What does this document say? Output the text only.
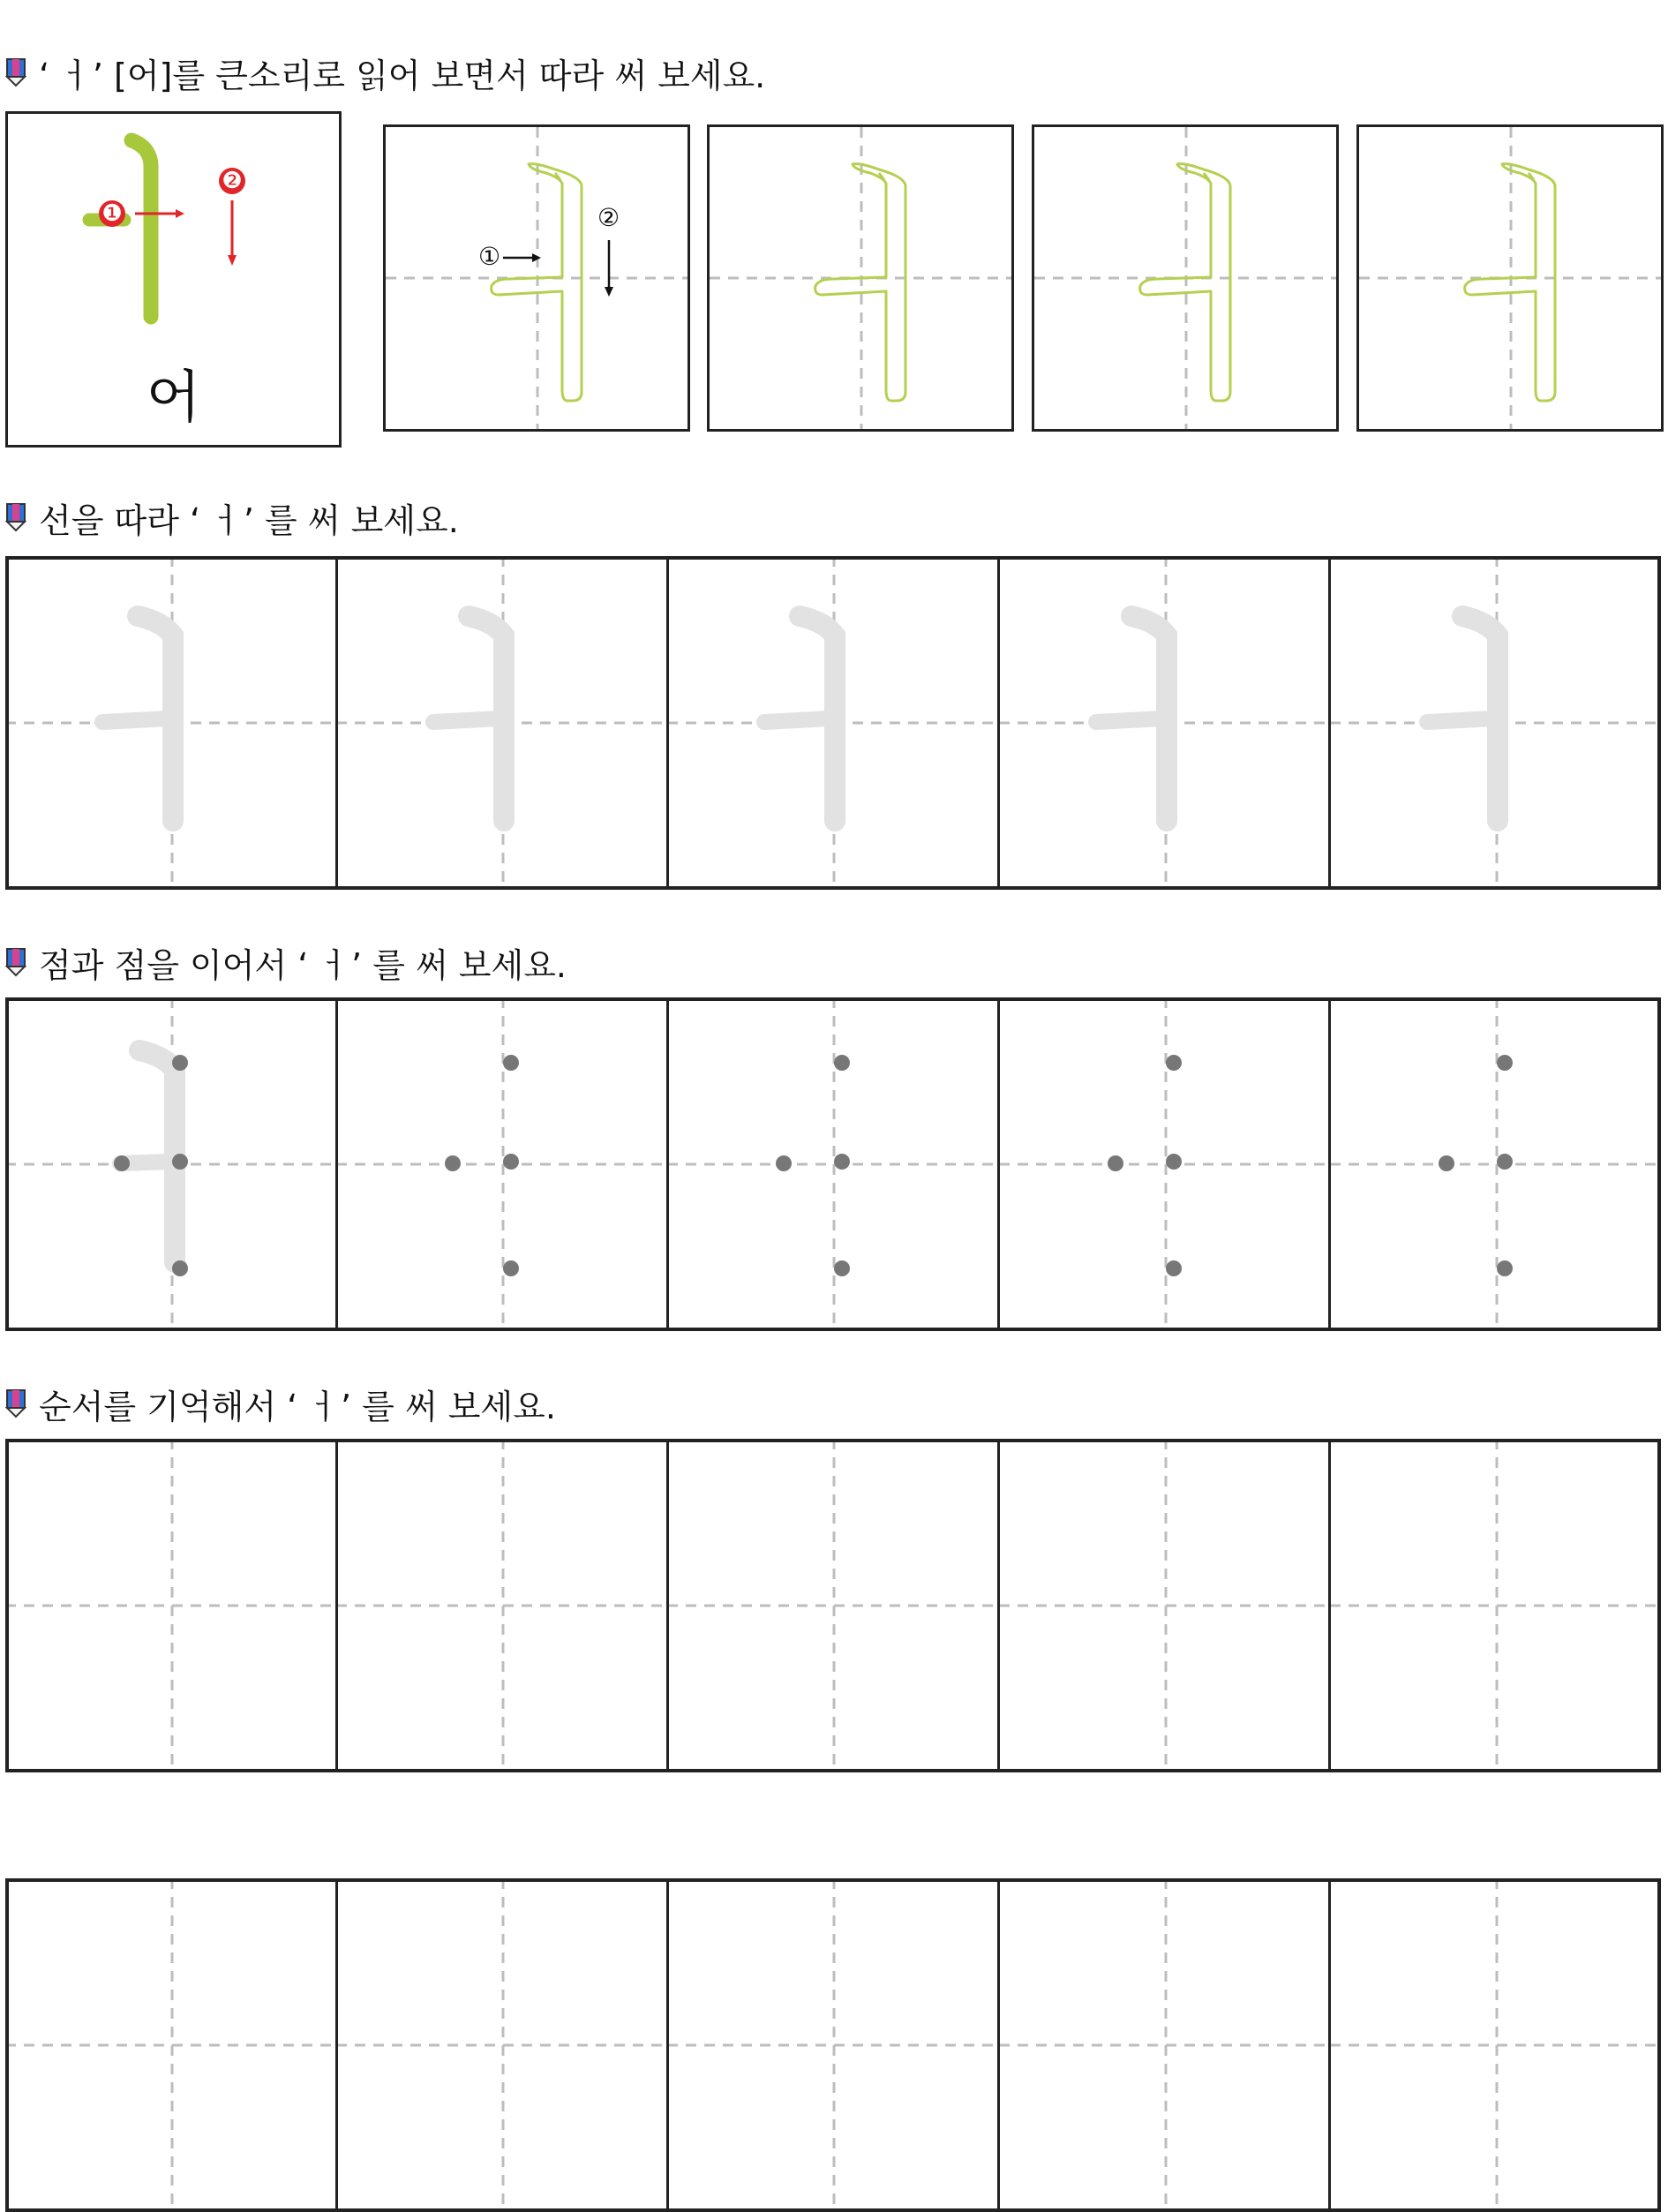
‘ ㅓ’ [어]를 큰소리로 읽어 보면서 따라 써 보세요.
❶
❷
어
①
②
선을 따라 ‘ ㅓ’ 를 써 보세요.
점과 점을 이어서 ‘ ㅓ’ 를 써 보세요.
순서를 기억해서 ‘ ㅓ’ 를 써 보세요.
